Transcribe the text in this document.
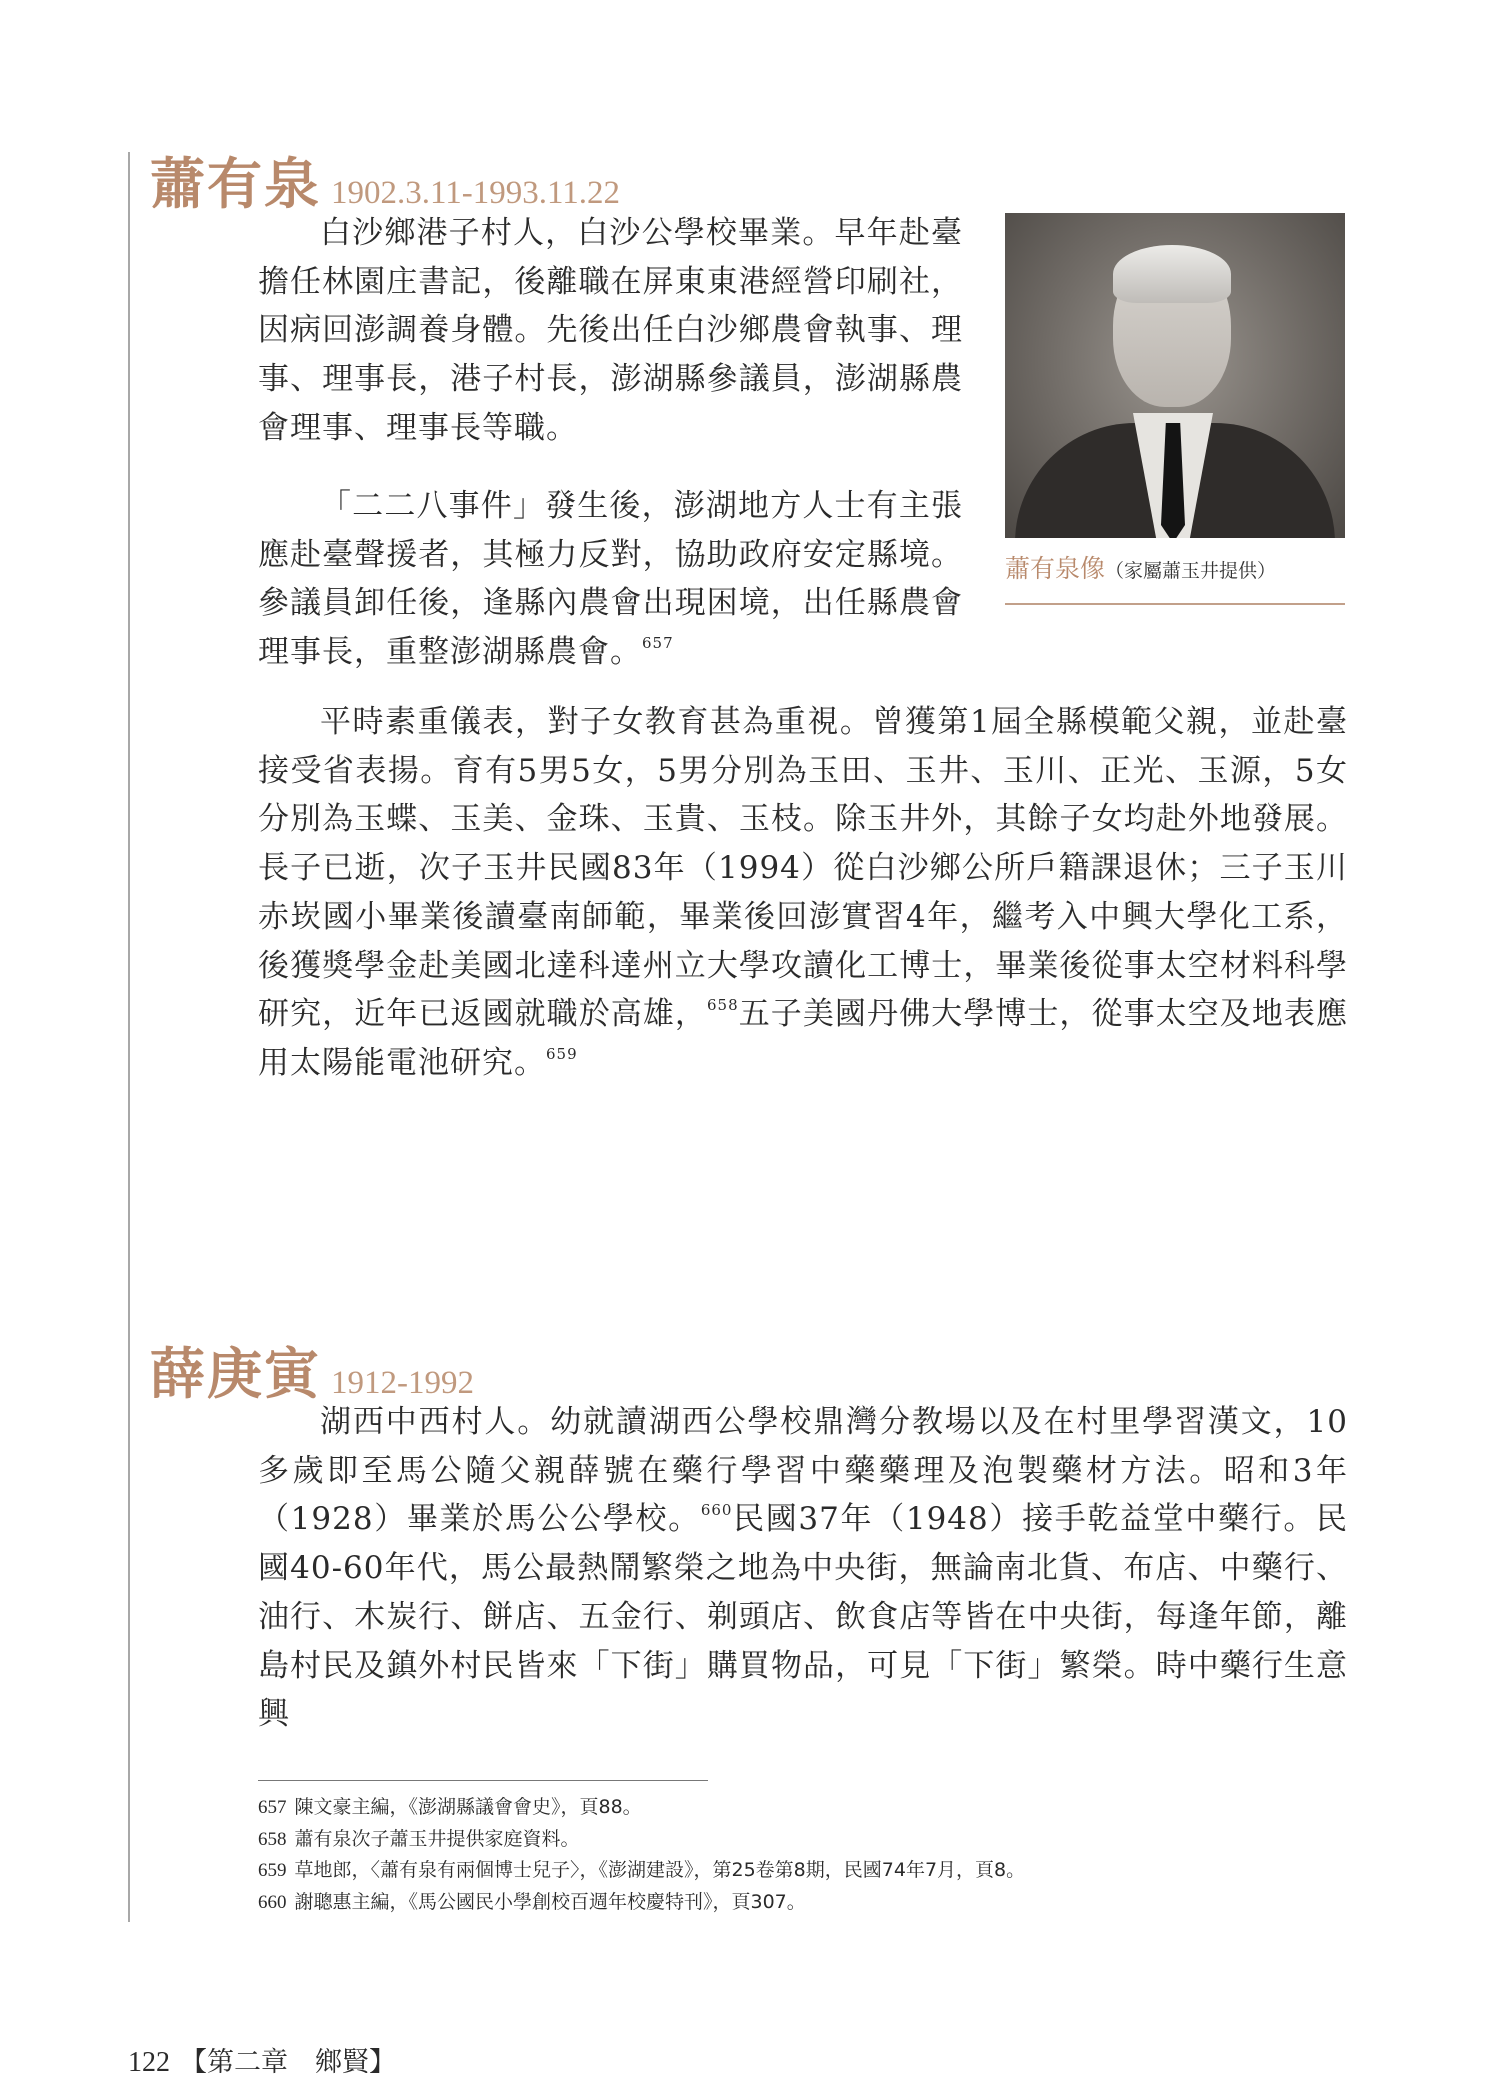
蕭有泉 1902.3.11-1993.11.22

白沙鄉港子村人，白沙公學校畢業。早年赴臺擔任林園庄書記，後離職在屏東東港經營印刷社，因病回澎調養身體。先後出任白沙鄉農會執事、理事、理事長，港子村長，澎湖縣參議員，澎湖縣農會理事、理事長等職。

「二二八事件」發生後，澎湖地方人士有主張應赴臺聲援者，其極力反對，協助政府安定縣境。參議員卸任後，逢縣內農會出現困境，出任縣農會理事長，重整澎湖縣農會。$^{657}$

蕭有泉像（家屬蕭玉井提供）

平時素重儀表，對子女教育甚為重視。曾獲第1屆全縣模範父親，並赴臺接受省表揚。育有5男5女，5男分別為玉田、玉井、玉川、正光、玉源，5女分別為玉蝶、玉美、金珠、玉貴、玉枝。除玉井外，其餘子女均赴外地發展。長子已逝，次子玉井民國83年（1994）從白沙鄉公所戶籍課退休；三子玉川赤崁國小畢業後讀臺南師範，畢業後回澎實習4年，繼考入中興大學化工系，後獲獎學金赴美國北達科達州立大學攻讀化工博士，畢業後從事太空材料科學研究，近年已返國就職於高雄，$^{658}$五子美國丹佛大學博士，從事太空及地表應用太陽能電池研究。$^{659}$

薛庚寅 1912-1992

湖西中西村人。幼就讀湖西公學校鼎灣分教場以及在村里學習漢文，10多歲即至馬公隨父親薛號在藥行學習中藥藥理及泡製藥材方法。昭和3年（1928）畢業於馬公公學校。$^{660}$民國37年（1948）接手乾益堂中藥行。民國40-60年代，馬公最熱鬧繁榮之地為中央街，無論南北貨、布店、中藥行、油行、木炭行、餅店、五金行、剃頭店、飲食店等皆在中央街，每逢年節，離島村民及鎮外村民皆來「下街」購買物品，可見「下街」繁榮。時中藥行生意興

657 陳文豪主編，《澎湖縣議會會史》，頁88。
658 蕭有泉次子蕭玉井提供家庭資料。
659 草地郎，〈蕭有泉有兩個博士兒子〉，《澎湖建設》，第25卷第8期，民國74年7月，頁8。
660 謝聰惠主編，《馬公國民小學創校百週年校慶特刊》，頁307。
122 【第二章　鄉賢】
